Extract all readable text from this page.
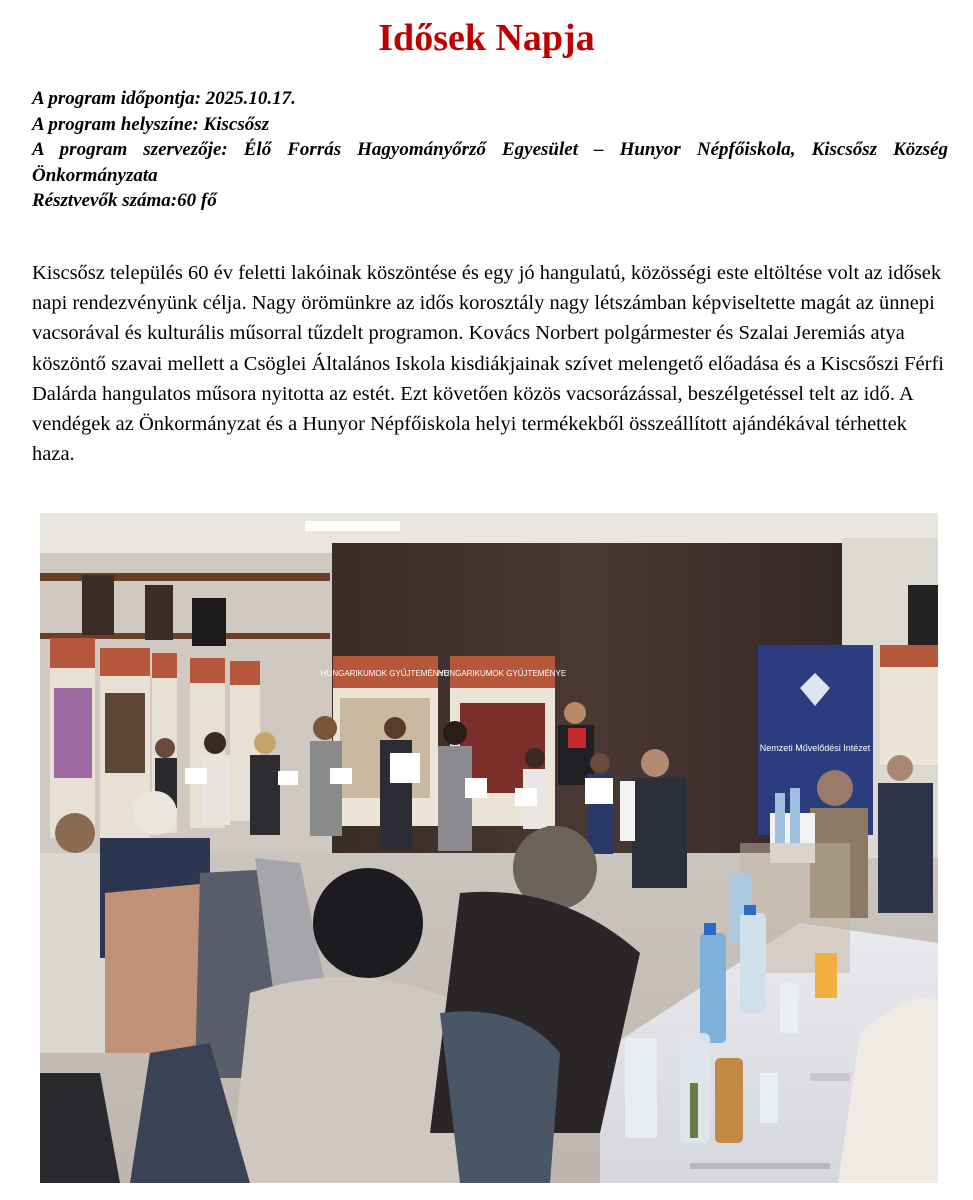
Idősek Napja
A program időpontja: 2025.10.17.
A program helyszíne: Kiscsősz
A program szervezője: Élő Forrás Hagyományőrző Egyesület – Hunyor Népfőiskola, Kiscsősz Község Önkormányzata
Résztvevők száma:60 fő
Kiscsősz település 60 év feletti lakóinak köszöntése és egy jó hangulatú, közösségi este eltöltése volt az idősek napi rendezvényünk célja. Nagy örömünkre az idős korosztály nagy létszámban képviseltette magát az ünnepi vacsorával és kulturális műsorral tűzdelt programon. Kovács Norbert polgármester és Szalai Jeremiás atya köszöntő szavai mellett a Csöglei Általános Iskola kisdiákjainak szívet melengető előadása és a Kiscsőszi Férfi Dalárda hangulatos műsora nyitotta az estét. Ezt követően közös vacsorázással, beszélgetéssel telt az idő. A vendégek az Önkormányzat és a Hunyor Népfőiskola helyi termékekből összeállított ajándékával térhettek haza.
HUNGARIKUMOK GYŰJTEMÉNYE
HUNGARIKUMOK GYŰJTEMÉNYE
Nemzeti Művelődési Intézet
